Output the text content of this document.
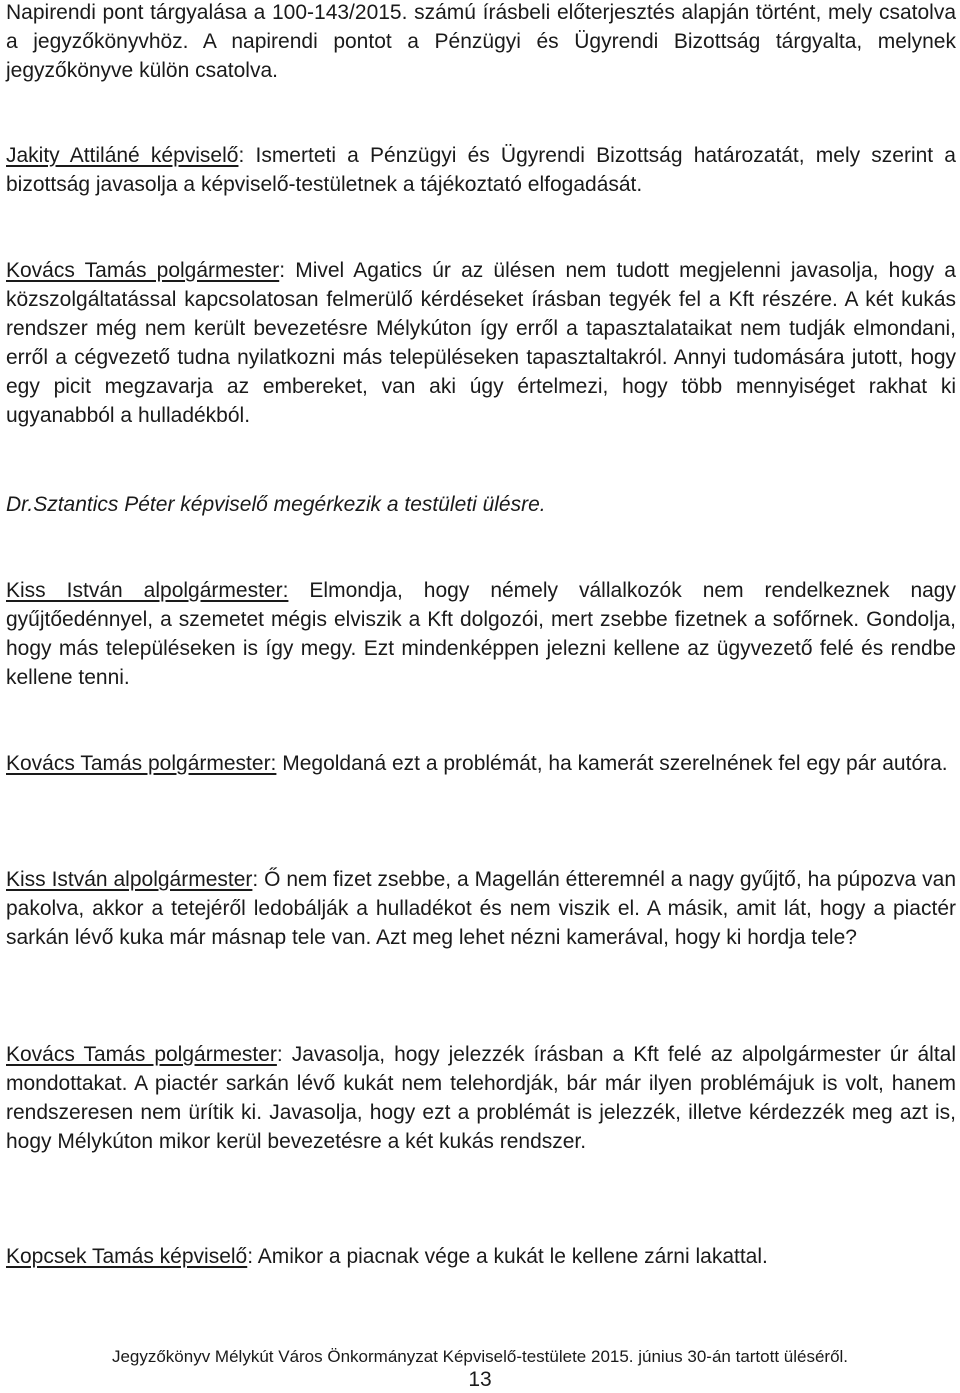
Napirendi pont tárgyalása a 100-143/2015. számú írásbeli előterjesztés alapján történt, mely csatolva a jegyzőkönyvhöz. A napirendi pontot a Pénzügyi és Ügyrendi Bizottság tárgyalta, melynek jegyzőkönyve külön csatolva.
Jakity Attiláné képviselő: Ismerteti a Pénzügyi és Ügyrendi Bizottság határozatát, mely szerint a bizottság javasolja a képviselő-testületnek a tájékoztató elfogadását.
Kovács Tamás polgármester: Mivel Agatics úr az ülésen nem tudott megjelenni javasolja, hogy a közszolgáltatással kapcsolatosan felmerülő kérdéseket írásban tegyék fel a Kft részére. A két kukás rendszer még nem került bevezetésre Mélykúton így erről a tapasztalataikat nem tudják elmondani, erről a cégvezető tudna nyilatkozni más településeken tapasztaltakról. Annyi tudomására jutott, hogy egy picit megzavarja az embereket, van aki úgy értelmezi, hogy több mennyiséget rakhat ki ugyanabból a hulladékból.
Dr.Sztantics Péter képviselő megérkezik a testületi ülésre.
Kiss István alpolgármester: Elmondja, hogy némely vállalkozók nem rendelkeznek nagy gyűjtőedénnyel, a szemetet mégis elviszik a Kft dolgozói, mert zsebbe fizetnek a sofőrnek. Gondolja, hogy más településeken is így megy. Ezt mindenképpen jelezni kellene az ügyvezető felé és rendbe kellene tenni.
Kovács Tamás polgármester: Megoldaná ezt a problémát, ha kamerát szerelnének fel egy pár autóra.
Kiss István alpolgármester: Ő nem fizet zsebbe, a Magellán étteremnél a nagy gyűjtő, ha púpozva van pakolva, akkor a tetejéről ledobálják a hulladékot és nem viszik el. A másik, amit lát, hogy a piactér sarkán lévő kuka már másnap tele van. Azt meg lehet nézni kamerával, hogy ki hordja tele?
Kovács Tamás polgármester: Javasolja, hogy jelezzék írásban a Kft felé az alpolgármester úr által mondottakat. A piactér sarkán lévő kukát nem telehordják, bár már ilyen problémájuk is volt, hanem rendszeresen nem ürítik ki. Javasolja, hogy ezt a problémát is jelezzék, illetve kérdezzék meg azt is, hogy Mélykúton mikor kerül bevezetésre a két kukás rendszer.
Kopcsek Tamás képviselő: Amikor a piacnak vége a kukát le kellene zárni lakattal.
Jegyzőkönyv Mélykút Város Önkormányzat Képviselő-testülete 2015. június 30-án tartott üléséről.
13
